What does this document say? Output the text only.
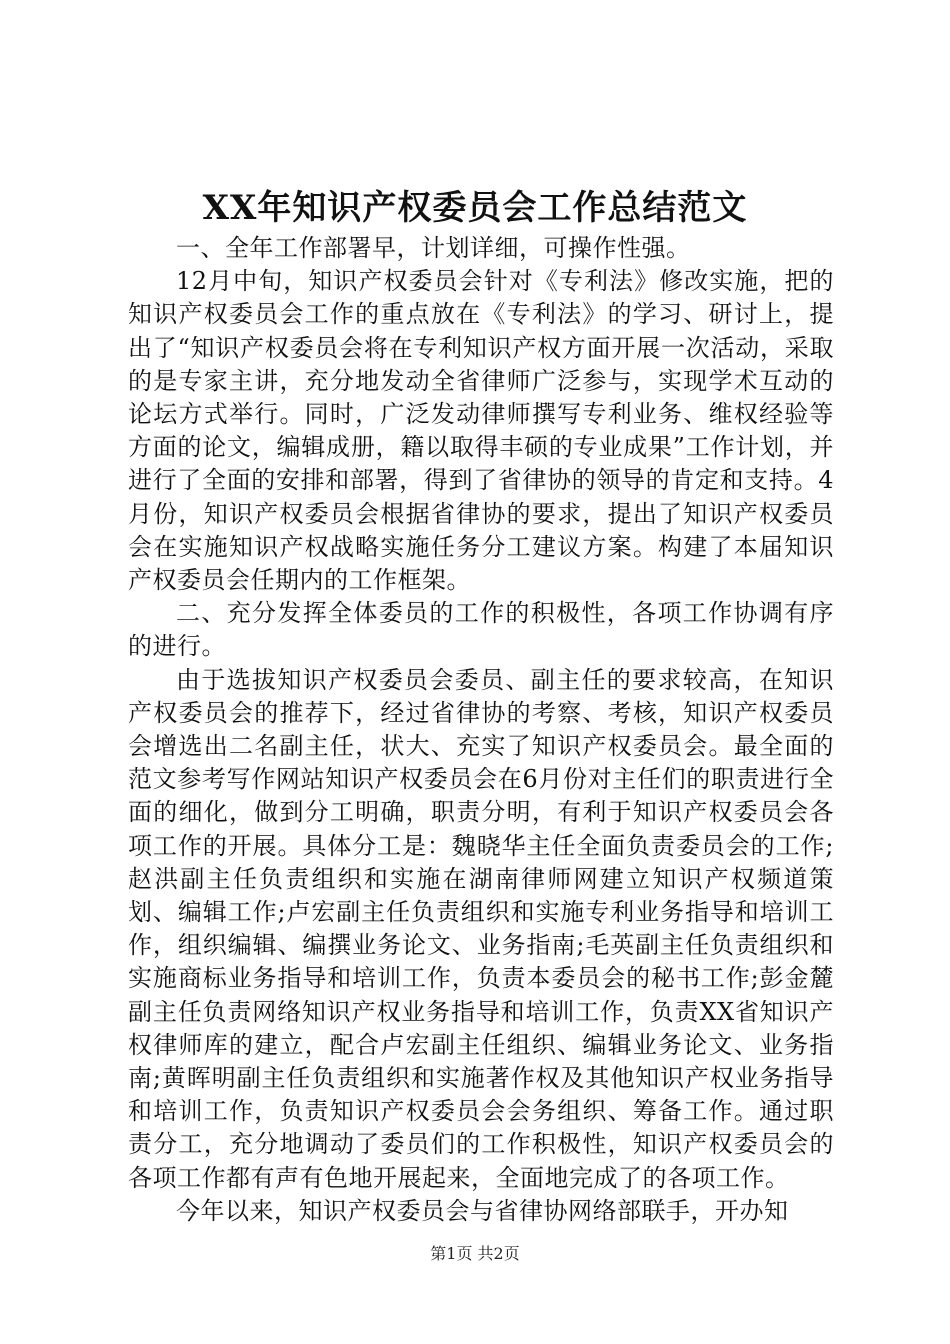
XX年知识产权委员会工作总结范文

一、全年工作部署早，计划详细，可操作性强。

12月中旬，知识产权委员会针对《专利法》修改实施，把的知识产权委员会工作的重点放在《专利法》的学习、研讨上，提出了“知识产权委员会将在专利知识产权方面开展一次活动，采取的是专家主讲，充分地发动全省律师广泛参与，实现学术互动的论坛方式举行。同时，广泛发动律师撰写专利业务、维权经验等方面的论文，编辑成册，籍以取得丰硕的专业成果”工作计划，并进行了全面的安排和部署，得到了省律协的领导的肯定和支持。4月份，知识产权委员会根据省律协的要求，提出了知识产权委员会在实施知识产权战略实施任务分工建议方案。构建了本届知识产权委员会任期内的工作框架。

二、充分发挥全体委员的工作的积极性，各项工作协调有序的进行。

由于选拔知识产权委员会委员、副主任的要求较高，在知识产权委员会的推荐下，经过省律协的考察、考核，知识产权委员会增选出二名副主任，状大、充实了知识产权委员会。最全面的范文参考写作网站知识产权委员会在6月份对主任们的职责进行全面的细化，做到分工明确，职责分明，有利于知识产权委员会各项工作的开展。具体分工是：魏晓华主任全面负责委员会的工作;赵洪副主任负责组织和实施在湖南律师网建立知识产权频道策划、编辑工作;卢宏副主任负责组织和实施专利业务指导和培训工作，组织编辑、编撰业务论文、业务指南;毛英副主任负责组织和实施商标业务指导和培训工作，负责本委员会的秘书工作;彭金麓副主任负责网络知识产权业务指导和培训工作，负责XX省知识产权律师库的建立，配合卢宏副主任组织、编辑业务论文、业务指南;黄晖明副主任负责组织和实施著作权及其他知识产权业务指导和培训工作，负责知识产权委员会会务组织、筹备工作。通过职责分工，充分地调动了委员们的工作积极性，知识产权委员会的各项工作都有声有色地开展起来，全面地完成了的各项工作。

今年以来，知识产权委员会与省律协网络部联手，开办知

第1页 共2页
